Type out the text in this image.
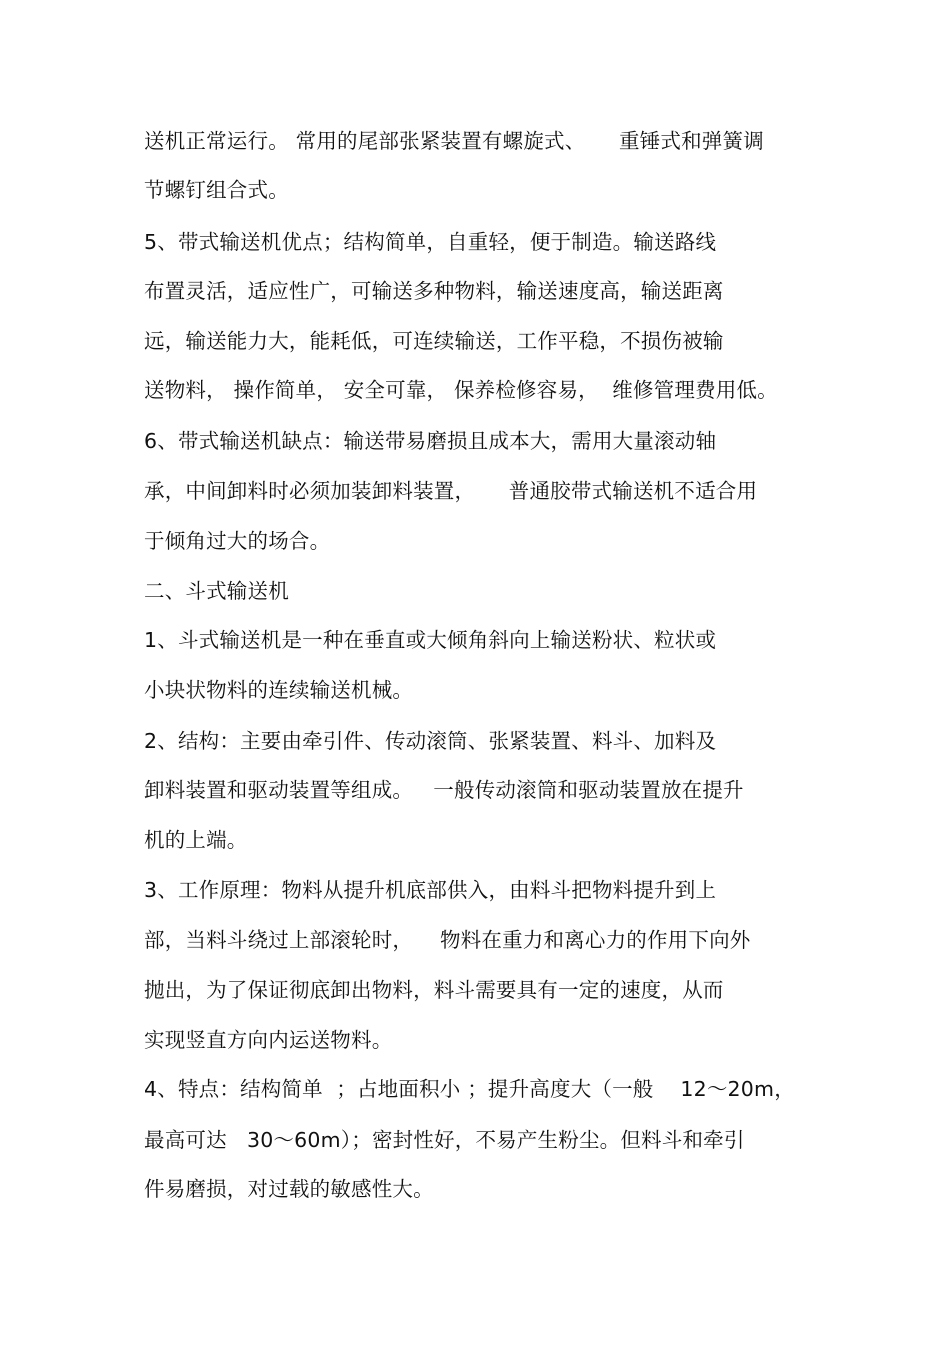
送机正常运行。 常用的尾部张紧装置有螺旋式、     重锤式和弹簧调
节螺钉组合式。
5、带式输送机优点；结构简单，自重轻，便于制造。输送路线
布置灵活，适应性广，可输送多种物料，输送速度高，输送距离
远，输送能力大，能耗低，可连续输送，工作平稳，不损伤被输
送物料， 操作简单， 安全可靠， 保养检修容易，  维修管理费用低。
6、带式输送机缺点：输送带易磨损且成本大，需用大量滚动轴
承，中间卸料时必须加装卸料装置，     普通胶带式输送机不适合用
于倾角过大的场合。
二、斗式输送机
1、斗式输送机是一种在垂直或大倾角斜向上输送粉状、粒状或
小块状物料的连续输送机械。
2、结构：主要由牵引件、传动滚筒、张紧装置、料斗、加料及
卸料装置和驱动装置等组成。   一般传动滚筒和驱动装置放在提升
机的上端。
3、工作原理：物料从提升机底部供入，由料斗把物料提升到上
部，当料斗绕过上部滚轮时，    物料在重力和离心力的作用下向外
抛出，为了保证彻底卸出物料，料斗需要具有一定的速度，从而
实现竖直方向内运送物料。
4、特点：结构简单  ；占地面积小 ；提升高度大（一般    12～20m，
最高可达   30～60m）；密封性好，不易产生粉尘。但料斗和牵引
件易磨损，对过载的敏感性大。
